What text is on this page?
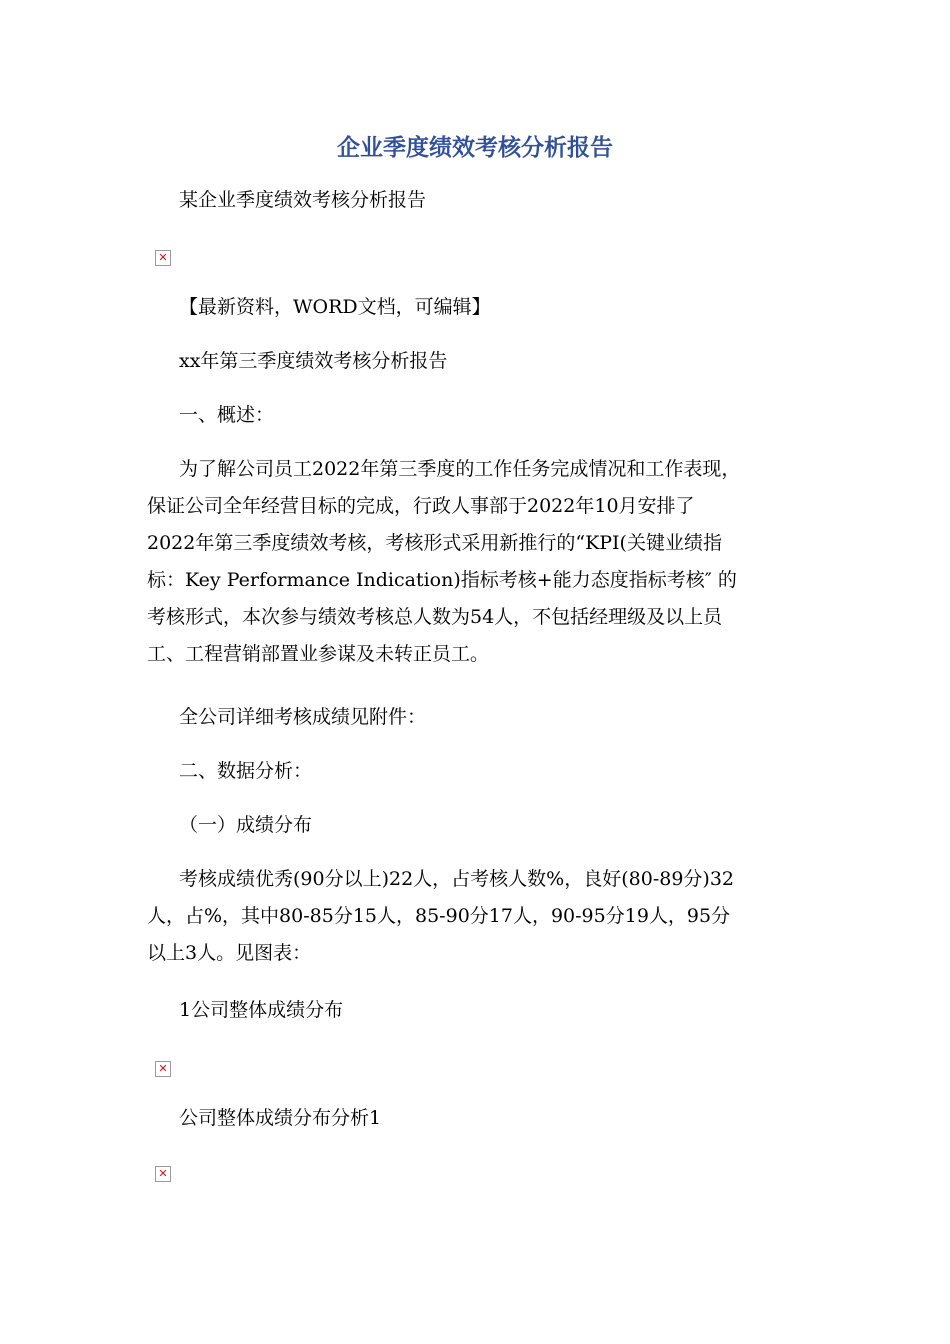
企业季度绩效考核分析报告

某企业季度绩效考核分析报告

✕

【最新资料，WORD文档，可编辑】

xx年第三季度绩效考核分析报告

一、概述：

为了解公司员工2022年第三季度的工作任务完成情况和工作表现，
保证公司全年经营目标的完成，行政人事部于2022年10月安排了
2022年第三季度绩效考核，考核形式采用新推行的“KPI(关键业绩指
标：Key Performance Indication)指标考核+能力态度指标考核″ 的
考核形式，本次参与绩效考核总人数为54人，不包括经理级及以上员
工、工程营销部置业参谋及未转正员工。

全公司详细考核成绩见附件：

二、数据分析：

（一）成绩分布

考核成绩优秀(90分以上)22人，占考核人数%，良好(80-89分)32
人，占%，其中80-85分15人，85-90分17人，90-95分19人，95分
以上3人。见图表：

1公司整体成绩分布

✕

公司整体成绩分布分析1

✕
